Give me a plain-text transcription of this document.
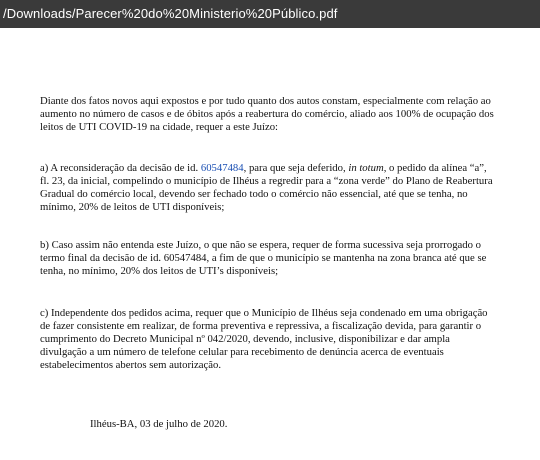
/Downloads/Parecer%20do%20Ministerio%20Público.pdf
Diante dos fatos novos aqui expostos e por tudo quanto dos autos constam, especialmente com relação ao aumento no número de casos e de óbitos após a reabertura do comércio, aliado aos 100% de ocupação dos leitos de UTI COVID-19 na cidade, requer a este Juízo:
a) A reconsideração da decisão de id. 60547484, para que seja deferido, in totum, o pedido da alínea “a”, fl. 23, da inicial, compelindo o município de Ilhéus a regredir para a “zona verde” do Plano de Reabertura Gradual do comércio local, devendo ser fechado todo o comércio não essencial, até que se tenha, no mínimo, 20% de leitos de UTI disponíveis;
b) Caso assim não entenda este Juízo, o que não se espera, requer de forma sucessiva seja prorrogado o termo final da decisão de id. 60547484, a fim de que o município se mantenha na zona branca até que se tenha, no mínimo, 20% dos leitos de UTI’s disponíveis;
c) Independente dos pedidos acima, requer que o Município de Ilhéus seja condenado em uma obrigação de fazer consistente em realizar, de forma preventiva e repressiva, a fiscalização devida, para garantir o cumprimento do Decreto Municipal nº 042/2020, devendo, inclusive, disponibilizar e dar ampla divulgação a um número de telefone celular para recebimento de denúncia acerca de eventuais estabelecimentos abertos sem autorização.
Ilhéus-BA, 03 de julho de 2020.
